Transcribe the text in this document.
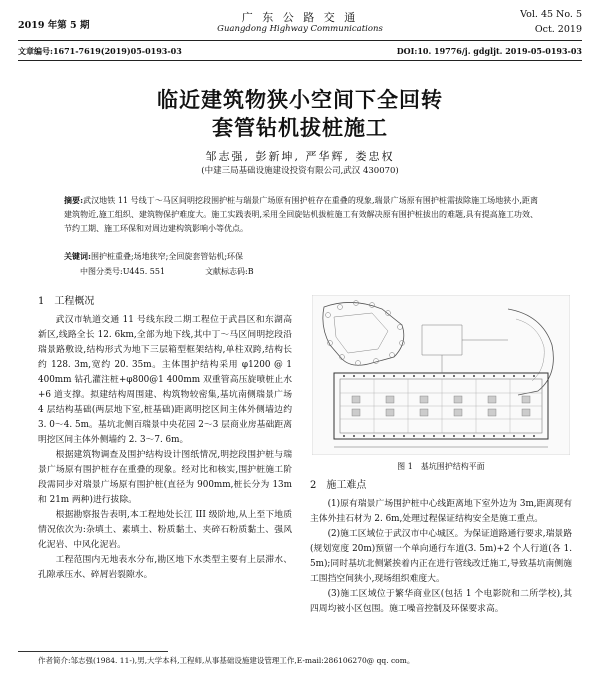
2019 年第 5 期
广 东 公 路 交 通
Guangdong Highway Communications
Vol. 45 No. 5
Oct. 2019
文章编号:1671-7619(2019)05-0193-03	DOI:10. 19776/j. gdgljt. 2019-05-0193-03
临近建筑物狭小空间下全回转
套管钻机拔桩施工
邹志强, 彭新坤, 严华辉, 娄忠权
(中建三局基础设施建设投资有限公司,武汉 430070)
摘要:武汉地铁 11 号线丁～马区间明挖段围护桩与瑞景广场原有围护桩存在重叠的现象,瑞景广场原有围护桩需拔除施工场地狭小,距离建筑物近,施工组织、建筑物保护难度大。施工实践表明,采用全回旋钻机拔桩施工有效解决原有围护桩拔出的难题,具有提高施工功效、节约工期、施工环保和对周边建构筑影响小等优点。
关键词:围护桩重叠;场地狭窄;全回旋套管钻机;环保
中图分类号:U445. 551	文献标志码:B
1　工程概况

武汉市轨道交通 11 号线东段二期工程位于武昌区和东湖高新区,线路全长 12. 6km,全部为地下线,其中丁～马区间明挖段沿瑞景路敷设,结构形式为地下三层箱型框架结构,单柱双跨,结构长约 128. 3m,宽约 20. 35m。主体围护结构采用 φ1200 @ 1 400mm 钻孔灌注桩+φ800@1 400mm 双重管高压旋喷桩止水+6 道支撑。拟建结构周围建、构筑物较密集,基坑南侧瑞景广场 4 层结构基础(两层地下室,桩基础)距离明挖区间主体外侧墙边约 3. 0～4. 5m。基坑北侧百瑞景中央花园 2～3 层商业房基础距离明挖区间主体外侧墙约 2. 3～7. 6m。

根据建筑物调查及围护结构设计图纸情况,明挖段围护桩与瑞景广场原有围护桩存在重叠的现象。经对比和核实,围护桩施工阶段需同步对瑞景广场原有围护桩(直径为 900mm,桩长分为 13m 和 21m 两种)进行拔除。

根据勘察报告表明,本工程地处长江 III 级阶地,从上至下地质情况依次为:杂填土、素填土、粉质黏土、夹碎石粉质黏土、强风化泥岩、中风化泥岩。

工程范围内无地表水分布,勘区地下水类型主要有上层滞水、孔隙承压水、碎屑岩裂隙水。

图 1　基坑围护结构平面
2　施工难点

(1)原有瑞景广场围护桩中心线距离地下室外边为 3m,距离现有主体外挂石材为 2. 6m,处理过程保证结构安全是施工重点。

(2)施工区域位于武汉市中心城区。为保证道路通行要求,瑞景路(规划宽度 20m)预留一个单向通行车道(3. 5m)+2 个人行道(各 1. 5m);同时基坑北侧紧挨着内正在进行管线改迁施工,导致基坑南侧施工围挡空间狭小,现场组织难度大。

(3)施工区域位于繁华商业区(包括 1 个电影院和二所学校),其四周均被小区包围。施工噪音控制及环保要求高。

作者简介:邹志强(1984. 11-),男,大学本科,工程师,从事基础设施建设管理工作,E-mail:286106270@ qq. com。
